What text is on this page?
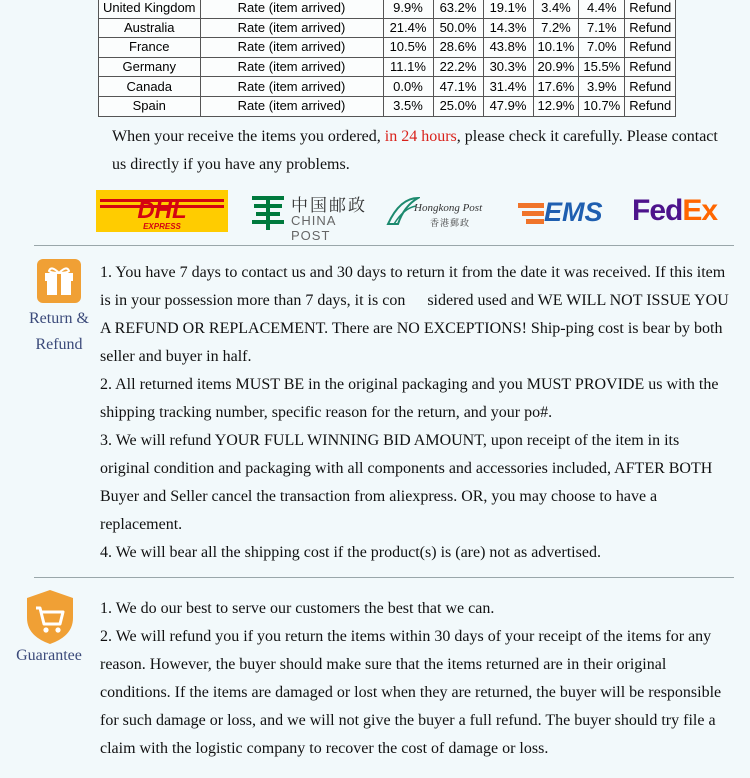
United Kingdom	Rate (item arrived)	9.9%	63.2%	19.1%	3.4%	4.4%	Refund
Australia	Rate (item arrived)	21.4%	50.0%	14.3%	7.2%	7.1%	Refund
France	Rate (item arrived)	10.5%	28.6%	43.8%	10.1%	7.0%	Refund
Germany	Rate (item arrived)	11.1%	22.2%	30.3%	20.9%	15.5%	Refund
Canada	Rate (item arrived)	0.0%	47.1%	31.4%	17.6%	3.9%	Refund
Spain	Rate (item arrived)	3.5%	25.0%	47.9%	12.9%	10.7%	Refund
When your receive the items you ordered, in 24 hours, please check it carefully. Please contact us directly if you have any problems.
DHL
EXPRESS
中国邮政
CHINA POST
Hongkong Post
香港郵政	EMS FedEx
Return &
Refund

1. You have 7 days to contact us and 30 days to return it from the date it was received. If this item is in your possession more than 7 days, it is con sidered used and WE WILL NOT ISSUE YOU A REFUND OR REPLACEMENT. There are NO EXCEPTIONS! Ship-ping cost is bear by both seller and buyer in half.

2. All returned items MUST BE in the original packaging and you MUST PROVIDE us with the shipping tracking number, specific reason for the return, and your po#.

3. We will refund YOUR FULL WINNING BID AMOUNT, upon receipt of the item in its original condition and packaging with all components and accessories included, AFTER BOTH Buyer and Seller cancel the transaction from aliexpress. OR, you may choose to have a replacement.

4. We will bear all the shipping cost if the product(s) is (are) not as advertised.

Guarantee

1. We do our best to serve our customers the best that we can.

2. We will refund you if you return the items within 30 days of your receipt of the items for any reason. However, the buyer should make sure that the items returned are in their original conditions. If the items are damaged or lost when they are returned, the buyer will be responsible for such damage or loss, and we will not give the buyer a full refund. The buyer should try file a claim with the logistic company to recover the cost of damage or loss.
